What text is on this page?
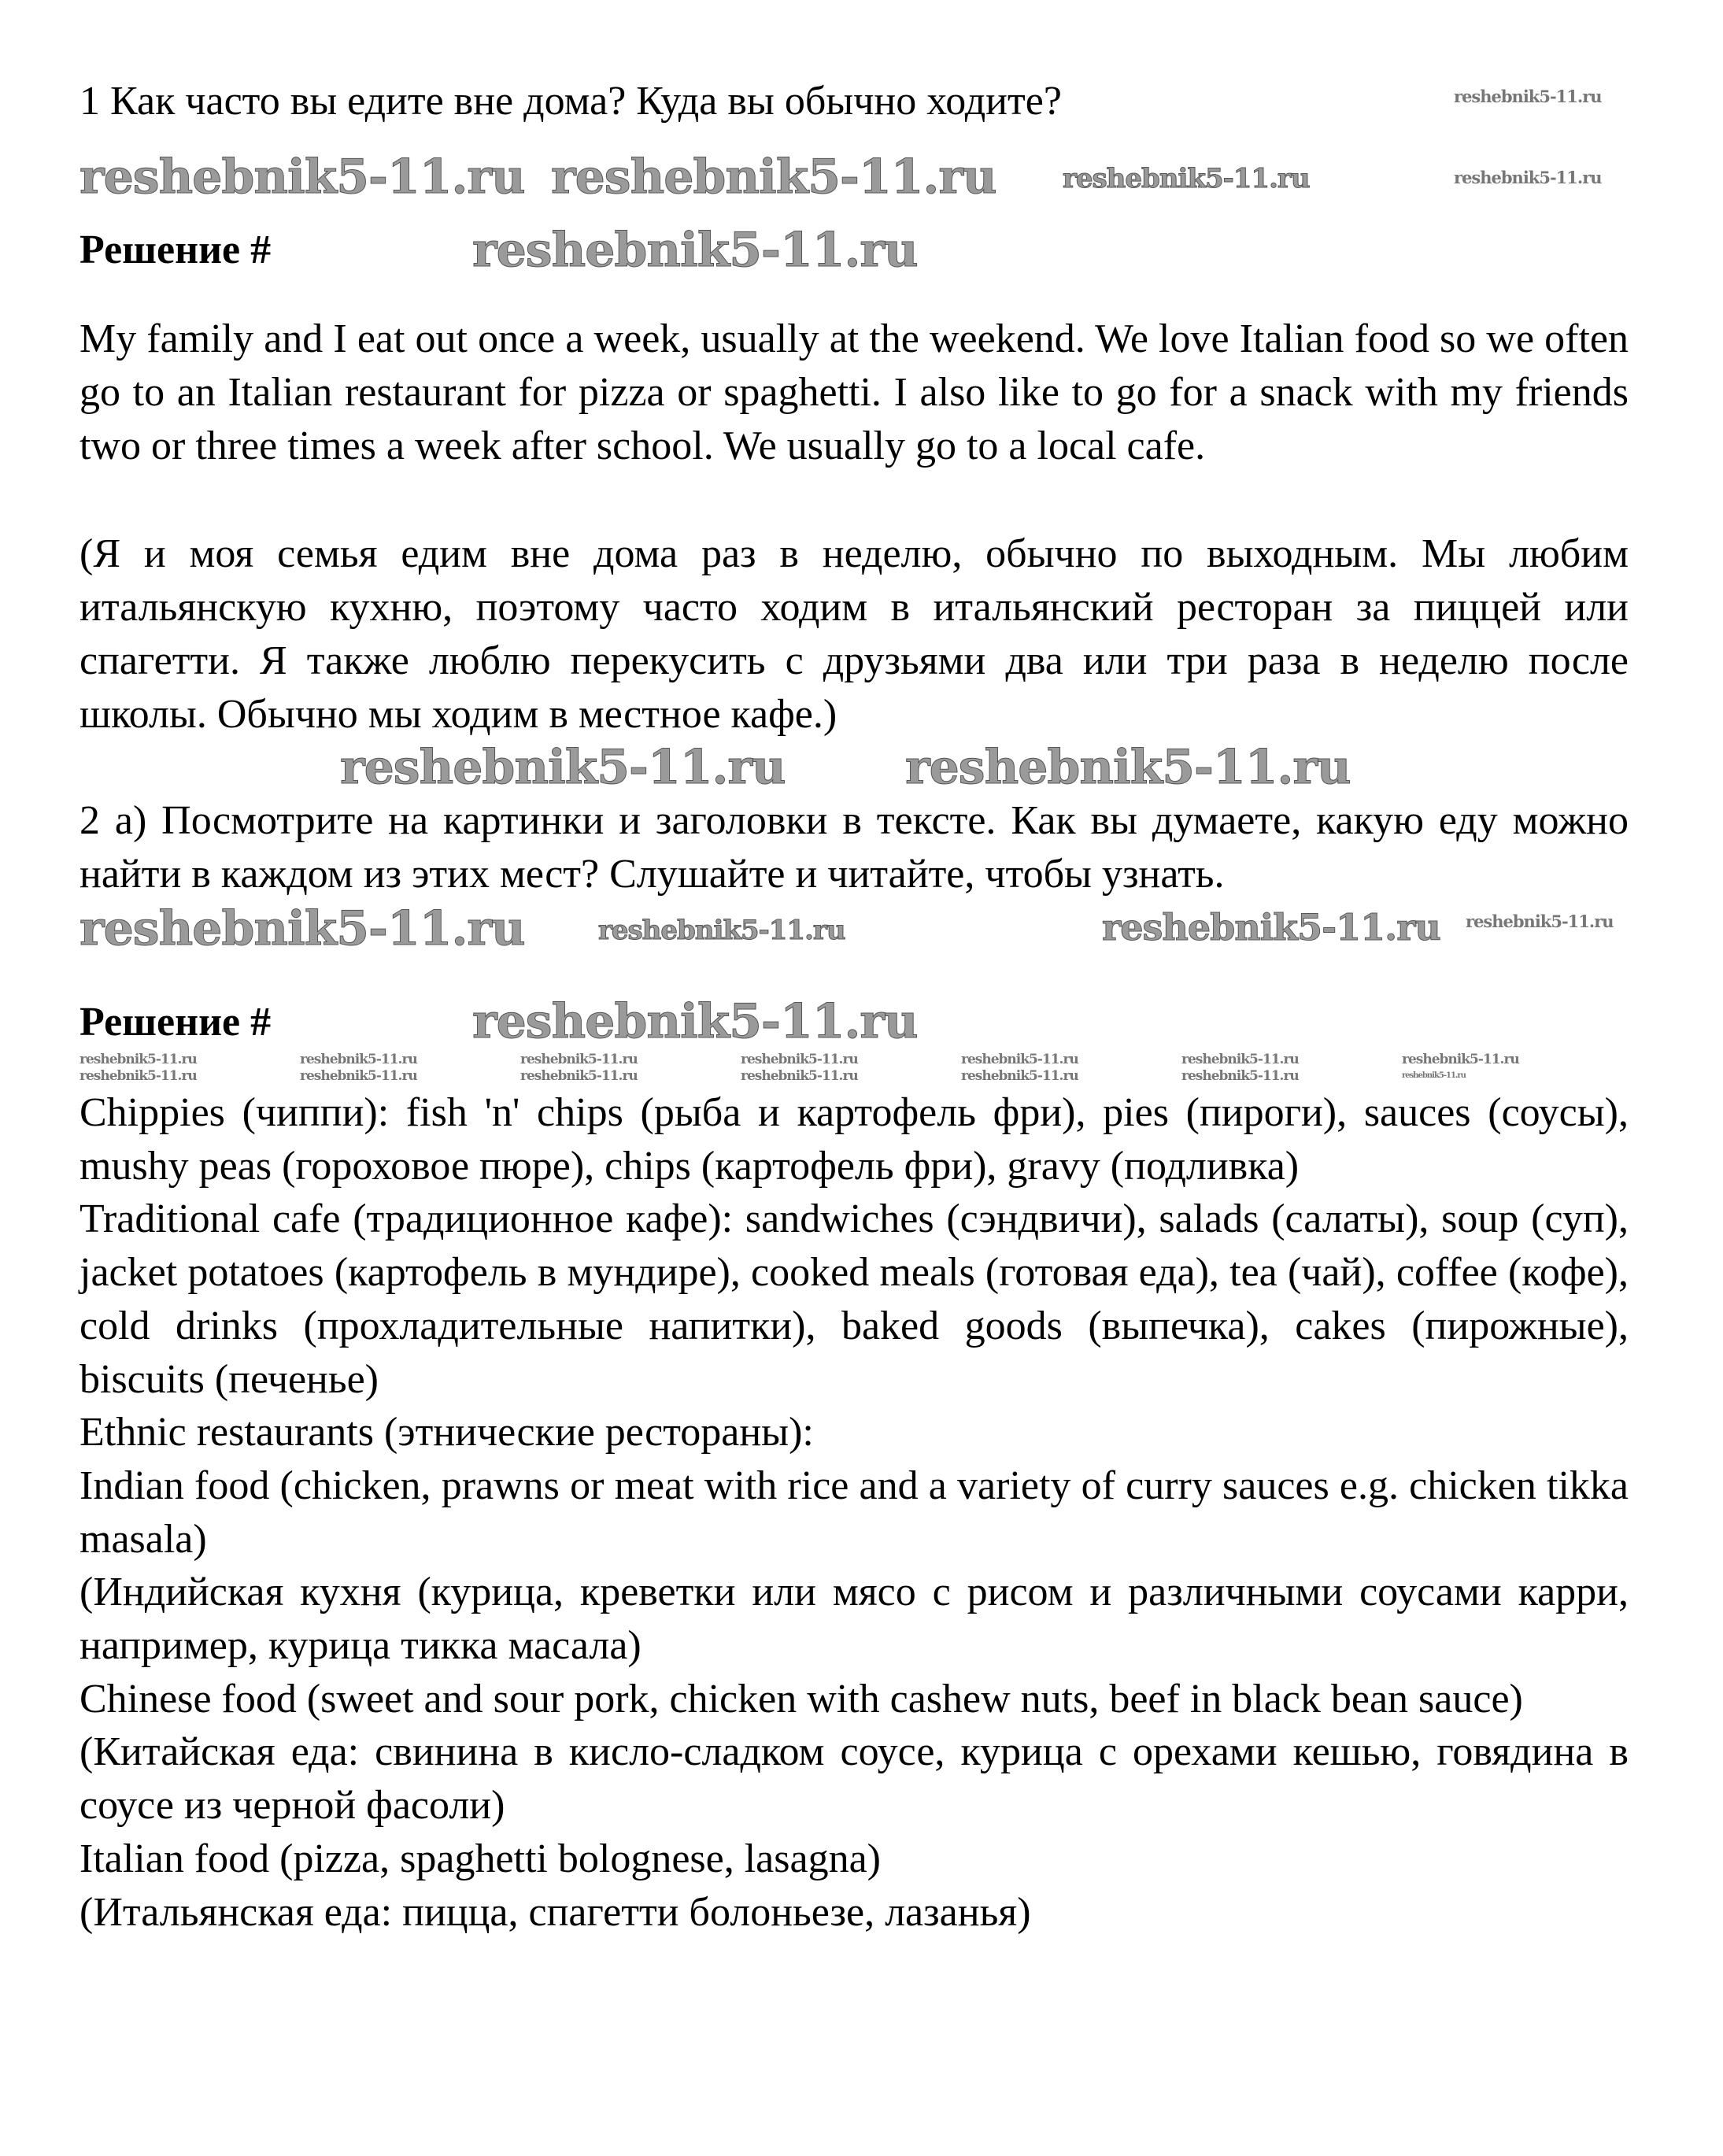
1 Как часто вы едите вне дома? Куда вы обычно ходите?

Решение #

My family and I eat out once a week, usually at the weekend. We love Italian food so we often go to an Italian restaurant for pizza or spaghetti. I also like to go for a snack with my friends two or three times a week after school. We usually go to a local cafe.

(Я и моя семья едим вне дома раз в неделю, обычно по выходным. Мы любим итальянскую кухню, поэтому часто ходим в итальянский ресторан за пиццей или спагетти. Я также люблю перекусить с друзьями два или три раза в неделю после школы. Обычно мы ходим в местное кафе.)

2 a) Посмотрите на картинки и заголовки в тексте. Как вы думаете, какую еду можно найти в каждом из этих мест? Слушайте и читайте, чтобы узнать.

Решение #

Chippies (чиппи): fish 'n' chips (рыба и картофель фри), pies (пироги), sauces (соусы), mushy peas (гороховое пюре), chips (картофель фри), gravy (подливка)

Traditional cafe (традиционное кафе): sandwiches (сэндвичи), salads (салаты), soup (суп), jacket potatoes (картофель в мундире), cooked meals (готовая еда), tea (чай), coffee (кофе), cold drinks (прохладительные напитки), baked goods (выпечка), cakes (пирожные), biscuits (печенье)

Ethnic restaurants (этнические рестораны):

Indian food (chicken, prawns or meat with rice and a variety of curry sauces e.g. chicken tikka masala)

(Индийская кухня (курица, креветки или мясо с рисом и различными соусами карри, например, курица тикка масала)

Chinese food (sweet and sour pork, chicken with cashew nuts, beef in black bean sauce)

(Китайская еда: свинина в кисло-сладком соусе, курица с орехами кешью, говядина в соусе из черной фасоли)

Italian food (pizza, spaghetti bolognese, lasagna)

(Итальянская еда: пицца, спагетти болоньезе, лазанья)

reshebnik5-11.ru
reshebnik5-11.ru reshebnik5-11.ru reshebnik5-11.ru	reshebnik5-11.ru
reshebnik5-11.ru
reshebnik5-11.ru	reshebnik5-11.ru
reshebnik5-11.ru	reshebnik5-11.ru reshebnik5-11.ru
reshebnik5-11.ru
reshebnik5-11.ru
reshebnik5-11.ru	reshebnik5-11.ru	reshebnik5-11.ru	reshebnik5-11.ru	reshebnik5-11.ru	reshebnik5-11.ru	reshebnik5-11.ru
reshebnik5-11.ru	reshebnik5-11.ru	reshebnik5-11.ru	reshebnik5-11.ru	reshebnik5-11.ru	reshebnik5-11.ru	reshebnik5-11.ru
